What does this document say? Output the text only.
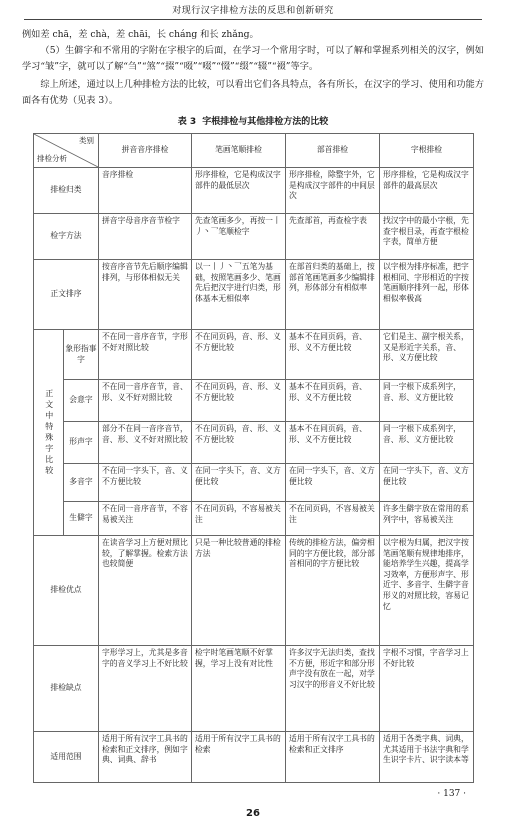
对现行汉字排检方法的反思和创新研究

例如差 chā，差 chà，差 chāi，长 cháng 和长 zhǎng。

（5）生僻字和不常用的字附在字根字的后面，在学习一个常用字时，可以了解和掌握系列相关的汉字，例如学习“皱”字，就可以了解“刍”“煞”“掇”“啜”“啜”“惙”“缀”“辍”“裰”等字。

综上所述，通过以上几种排检方法的比较，可以看出它们各具特点，各有所长，在汉字的学习、使用和功能方面各有优势（见表 3）。

表 3 字根排检与其他排检方法的比较
类别
排检分析		拼音音序排检	笔画笔顺排检	部首排检	字根排检
排检归类		音序排检	形序排检，它是构成汉字部件的最低层次	形序排检，除整字外，它是构成汉字部件的中间层次	形序排检，它是构成汉字部件的最高层次
检字方法		拼音字母音序音节检字	先查笔画多少，再按一丨丿丶乛笔顺检字	先查部首，再查检字表	找汉字中的最小字根，先查字根目录，再查字根检字表，简单方便
正文排序		按音序音节先后顺序编辑排列，与形体相似无关	以一丨丿丶乛五笔为基础，按照笔画多少、笔画先后把汉字进行归类，形体基本无相似率	在部首归类的基础上，按部首笔画笔画多少编辑排列，形体部分有相似率	以字根为排序标准，把字根相同、字形相近的字按笔画顺序排列一起，形体相似率极高
正文中特殊字比较	象形指事字	不在同一音序音节，字形不好对照比较	不在同页码，音、形、义不方便比较	基本不在同页码，音、形、义不方便比较	它们是主、副字根关系，又是形近字关系，音、形、义方便比较
	会意字	不在同一音序音节，音、形、义不好对照比较	不在同页码，音、形、义不方便比较	基本不在同页码，音、形、义不方便比较	同一字根下成系列字，音、形、义方便比较
	形声字	部分不在同一音序音节，音、形、义不好对照比较	不在同页码，音、形、义不方便比较	基本不在同页码，音、形、义不方便比较	同一字根下成系列字，音、形、义方便比较
	多音字	不在同一字头下，音、义不方便比较	在同一字头下，音、义方便比较	在同一字头下，音、义方便比较	在同一字头下，音、义方便比较
	生僻字	不在同一音序音节，不容易被关注	不在同页码，不容易被关注	不在同页码，不容易被关注	许多生僻字放在常用的系列字中，容易被关注
排检优点		在读音学习上方便对照比较，了解掌握。检索方法也较简便	只是一种比较普通的排检方法	传统的排检方法，偏旁相同的字方便比较，部分部首相同的字方便比较	以字根为归属，把汉字按笔画笔顺有规律地排序，能培养学生兴趣，提高学习效率，方便形声字、形近字、多音字、生僻字音形义的对照比较，容易记忆
排检缺点		字形学习上，尤其是多音字的音义学习上不好比较	检字时笔画笔顺不好掌握，学习上没有对比性	许多汉字无法归类，查找不方便，形近字和部分形声字没有放在一起，对学习汉字的形音义不好比较	字根不习惯，字音学习上不好比较
适用范围		适用于所有汉字工具书的检索和正文排序，例如字典、词典、辞书	适用于所有汉字工具书的检索	适用于所有汉字工具书的检索和正文排序	适用于各类字典、词典，尤其适用于书法字典和学生识字卡片、识字读本等
· 137 ·
26
